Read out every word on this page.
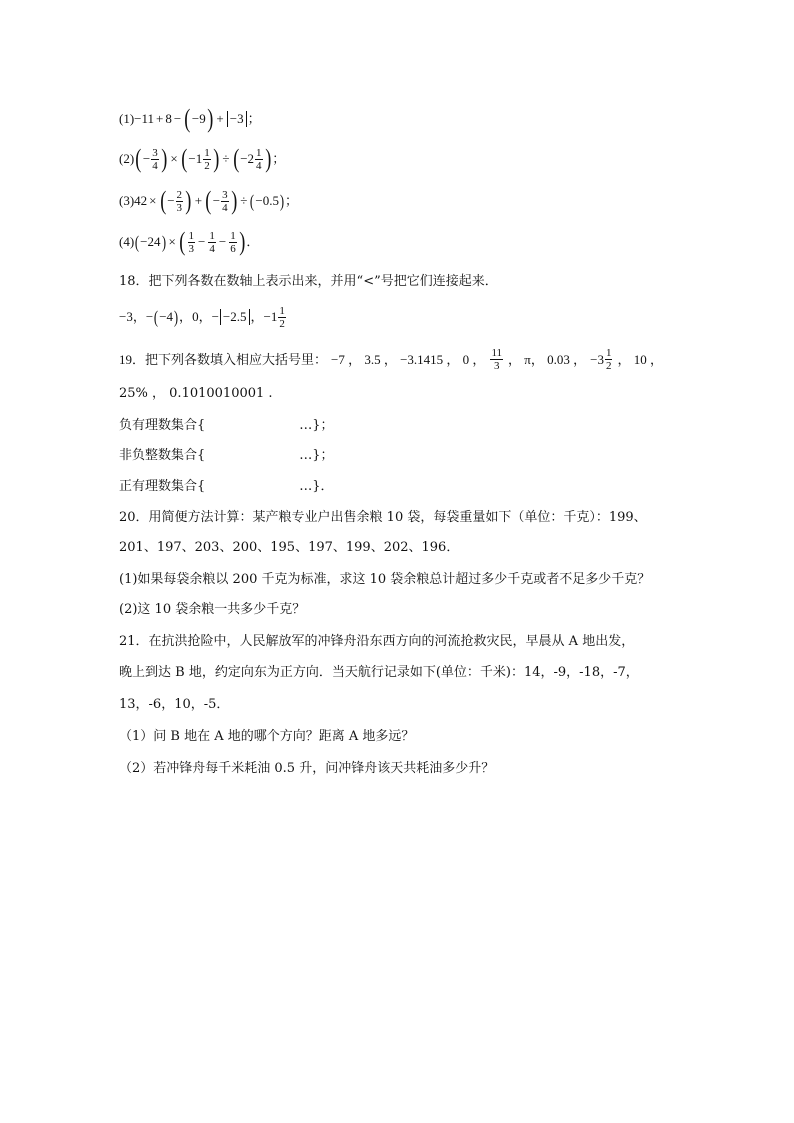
(1) −11 + 8 − ( −9 ) + −3 ；
(2) ( − $\frac{3}{4}$ ) × ( $-1 \frac{1}{2}$ ) ÷ ( $-2 \frac{1}{4}$ ) ；
(3) 42 × ( − $\frac{2}{3}$ ) + ( − $\frac{3}{4}$ ) ÷ ( −0.5 ) ；
(4) ( −24 ) × ( $\frac{1}{3} - \frac{1}{4} - \frac{1}{6}$ ) ．
18．把下列各数在数轴上表示出来，并用“<”号把它们连接起来．
−3 ， − ( −4 ) ， 0 ， − −2.5 ， $-1 \frac{1}{2}$
19．把下列各数填入相应大括号里： −7 ， 3.5 ， −3.1415 ， 0 ， $\frac{11}{3}$ ， π， 0.03 ， $-3 \frac{1}{2}$ ， 10 ，
25% ， 0.1010010001 .
负有理数集合{	…}；
非负整数集合{	…}；
正有理数集合{	…}．
20．用简便方法计算：某产粮专业户出售余粮 10 袋，每袋重量如下（单位：千克）：199、
201、197、203、200、195、197、199、202、196．
(1)如果每袋余粮以 200 千克为标准，求这 10 袋余粮总计超过多少千克或者不足多少千克？
(2)这 10 袋余粮一共多少千克？
21．在抗洪抢险中，人民解放军的冲锋舟沿东西方向的河流抢救灾民，早晨从 A 地出发，
晚上到达 B 地，约定向东为正方向．当天航行记录如下(单位：千米)：14，-9，-18，-7，
13，-6，10，-5．
（1）问 B 地在 A 地的哪个方向？距离 A 地多远？
（2）若冲锋舟每千米耗油 0.5 升，问冲锋舟该天共耗油多少升？
